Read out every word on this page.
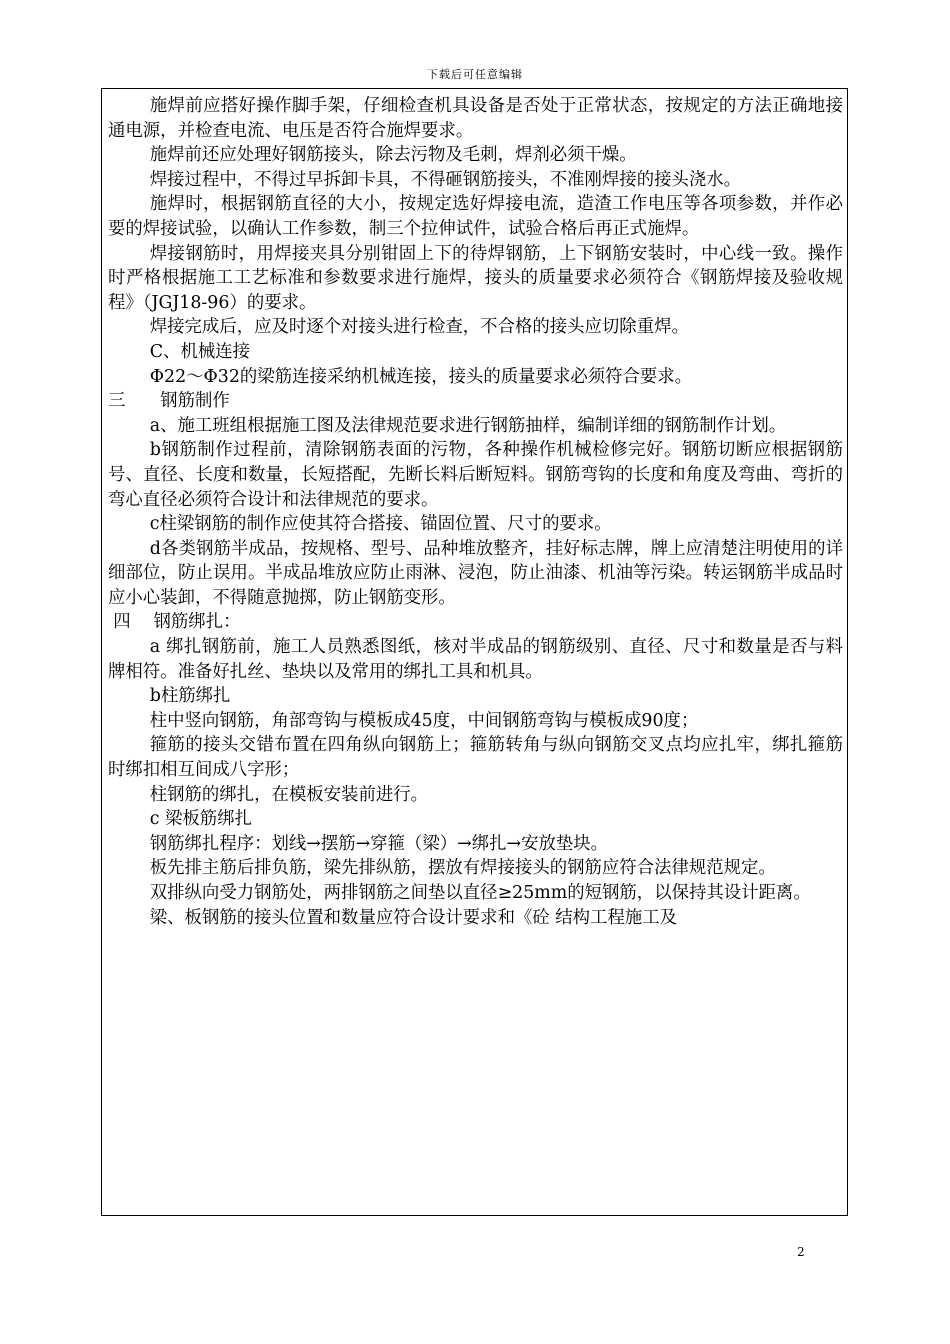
下载后可任意编辑

施焊前应搭好操作脚手架，仔细检查机具设备是否处于正常状态，按规定的方法正确地接通电源，并检查电流、电压是否符合施焊要求。

施焊前还应处理好钢筋接头，除去污物及毛刺，焊剂必须干燥。

焊接过程中，不得过早拆卸卡具，不得砸钢筋接头，不准刚焊接的接头浇水。

施焊时，根据钢筋直径的大小，按规定选好焊接电流，造渣工作电压等各项参数，并作必要的焊接试验，以确认工作参数，制三个拉伸试件，试验合格后再正式施焊。

焊接钢筋时，用焊接夹具分别钳固上下的待焊钢筋，上下钢筋安装时，中心线一致。操作时严格根据施工工艺标准和参数要求进行施焊，接头的质量要求必须符合《钢筋焊接及验收规程》（JGJ18-96）的要求。

焊接完成后，应及时逐个对接头进行检查，不合格的接头应切除重焊。

C、机械连接

Φ22～Φ32的梁筋连接采纳机械连接，接头的质量要求必须符合要求。

三　　钢筋制作

a、施工班组根据施工图及法律规范要求进行钢筋抽样，编制详细的钢筋制作计划。

b钢筋制作过程前，清除钢筋表面的污物，各种操作机械检修完好。钢筋切断应根据钢筋号、直径、长度和数量，长短搭配，先断长料后断短料。钢筋弯钩的长度和角度及弯曲、弯折的弯心直径必须符合设计和法律规范的要求。

c柱梁钢筋的制作应使其符合搭接、锚固位置、尺寸的要求。

d各类钢筋半成品，按规格、型号、品种堆放整齐，挂好标志牌，牌上应清楚注明使用的详细部位，防止误用。半成品堆放应防止雨淋、浸泡，防止油漆、机油等污染。转运钢筋半成品时应小心装卸，不得随意抛掷，防止钢筋变形。

四　 钢筋绑扎：

a 绑扎钢筋前，施工人员熟悉图纸，核对半成品的钢筋级别、直径、尺寸和数量是否与料牌相符。准备好扎丝、垫块以及常用的绑扎工具和机具。

b柱筋绑扎

柱中竖向钢筋，角部弯钩与模板成45度，中间钢筋弯钩与模板成90度；

箍筋的接头交错布置在四角纵向钢筋上；箍筋转角与纵向钢筋交叉点均应扎牢，绑扎箍筋时绑扣相互间成八字形；

柱钢筋的绑扎，在模板安装前进行。

c 梁板筋绑扎

钢筋绑扎程序：划线→摆筋→穿箍（梁）→绑扎→安放垫块。

板先排主筋后排负筋，梁先排纵筋，摆放有焊接接头的钢筋应符合法律规范规定。

双排纵向受力钢筋处，两排钢筋之间垫以直径≥25mm的短钢筋，以保持其设计距离。

梁、板钢筋的接头位置和数量应符合设计要求和《砼 结构工程施工及

2
